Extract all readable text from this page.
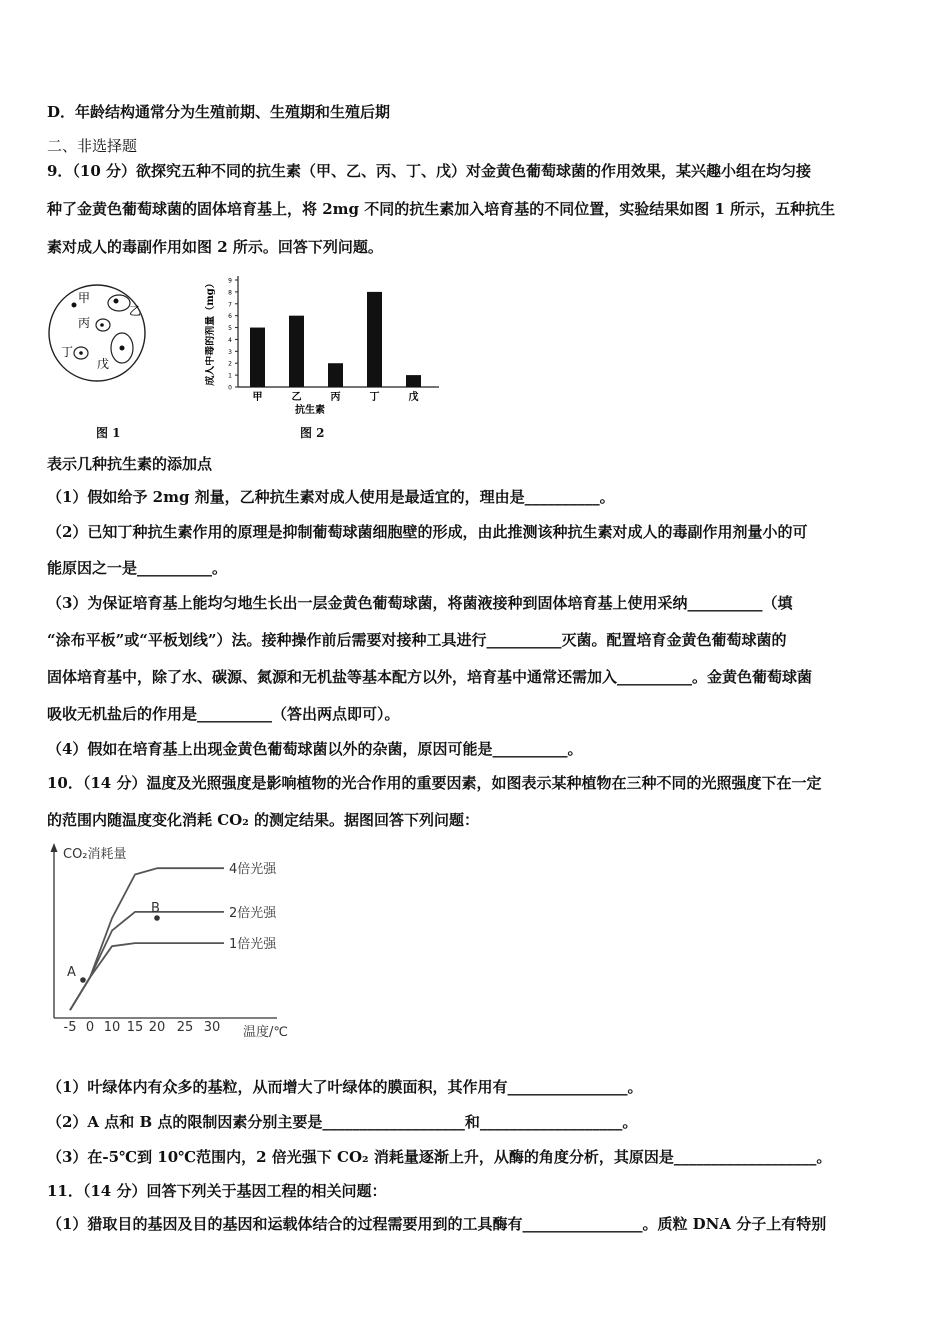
D．年龄结构通常分为生殖前期、生殖期和生殖后期
二、非选择题
9．（10 分）欲探究五种不同的抗生素（甲、乙、丙、丁、戊）对金黄色葡萄球菌的作用效果，某兴趣小组在均匀接
种了金黄色葡萄球菌的固体培育基上，将 2mg 不同的抗生素加入培育基的不同位置，实验结果如图 1 所示，五种抗生
素对成人的毒副作用如图 2 所示。回答下列问题。
甲
乙
丙
丁
戊
图 1
成人中毒的剂量（mg）
0
1
2
3
4
5
6
7
8
9
甲	乙	丙	丁	戊
抗生素
图 2
表示几种抗生素的添加点
（1）假如给予 2mg 剂量，乙种抗生素对成人使用是最适宜的，理由是__________。
（2）已知丁种抗生素作用的原理是抑制葡萄球菌细胞壁的形成，由此推测该种抗生素对成人的毒副作用剂量小的可
能原因之一是__________。
（3）为保证培育基上能均匀地生长出一层金黄色葡萄球菌，将菌液接种到固体培育基上使用采纳__________（填
“涂布平板”或“平板划线”）法。接种操作前后需要对接种工具进行__________灭菌。配置培育金黄色葡萄球菌的
固体培育基中，除了水、碳源、氮源和无机盐等基本配方以外，培育基中通常还需加入__________。金黄色葡萄球菌
吸收无机盐后的作用是__________（答出两点即可）。
（4）假如在培育基上出现金黄色葡萄球菌以外的杂菌，原因可能是__________。
10．（14 分）温度及光照强度是影响植物的光合作用的重要因素，如图表示某种植物在三种不同的光照强度下在一定
的范围内随温度变化消耗 CO₂ 的测定结果。据图回答下列问题：
CO₂消耗量
A
B
4倍光强
2倍光强
1倍光强
-5 0 10 15 20 25 30 温度/℃
（1）叶绿体内有众多的基粒，从而增大了叶绿体的膜面积，其作用有________________。
（2）A 点和 B 点的限制因素分别主要是___________________和___________________。
（3）在-5℃到 10℃范围内，2 倍光强下 CO₂ 消耗量逐渐上升，从酶的角度分析，其原因是___________________。
11．（14 分）回答下列关于基因工程的相关问题：
（1）猎取目的基因及目的基因和运载体结合的过程需要用到的工具酶有________________。质粒 DNA 分子上有特别
